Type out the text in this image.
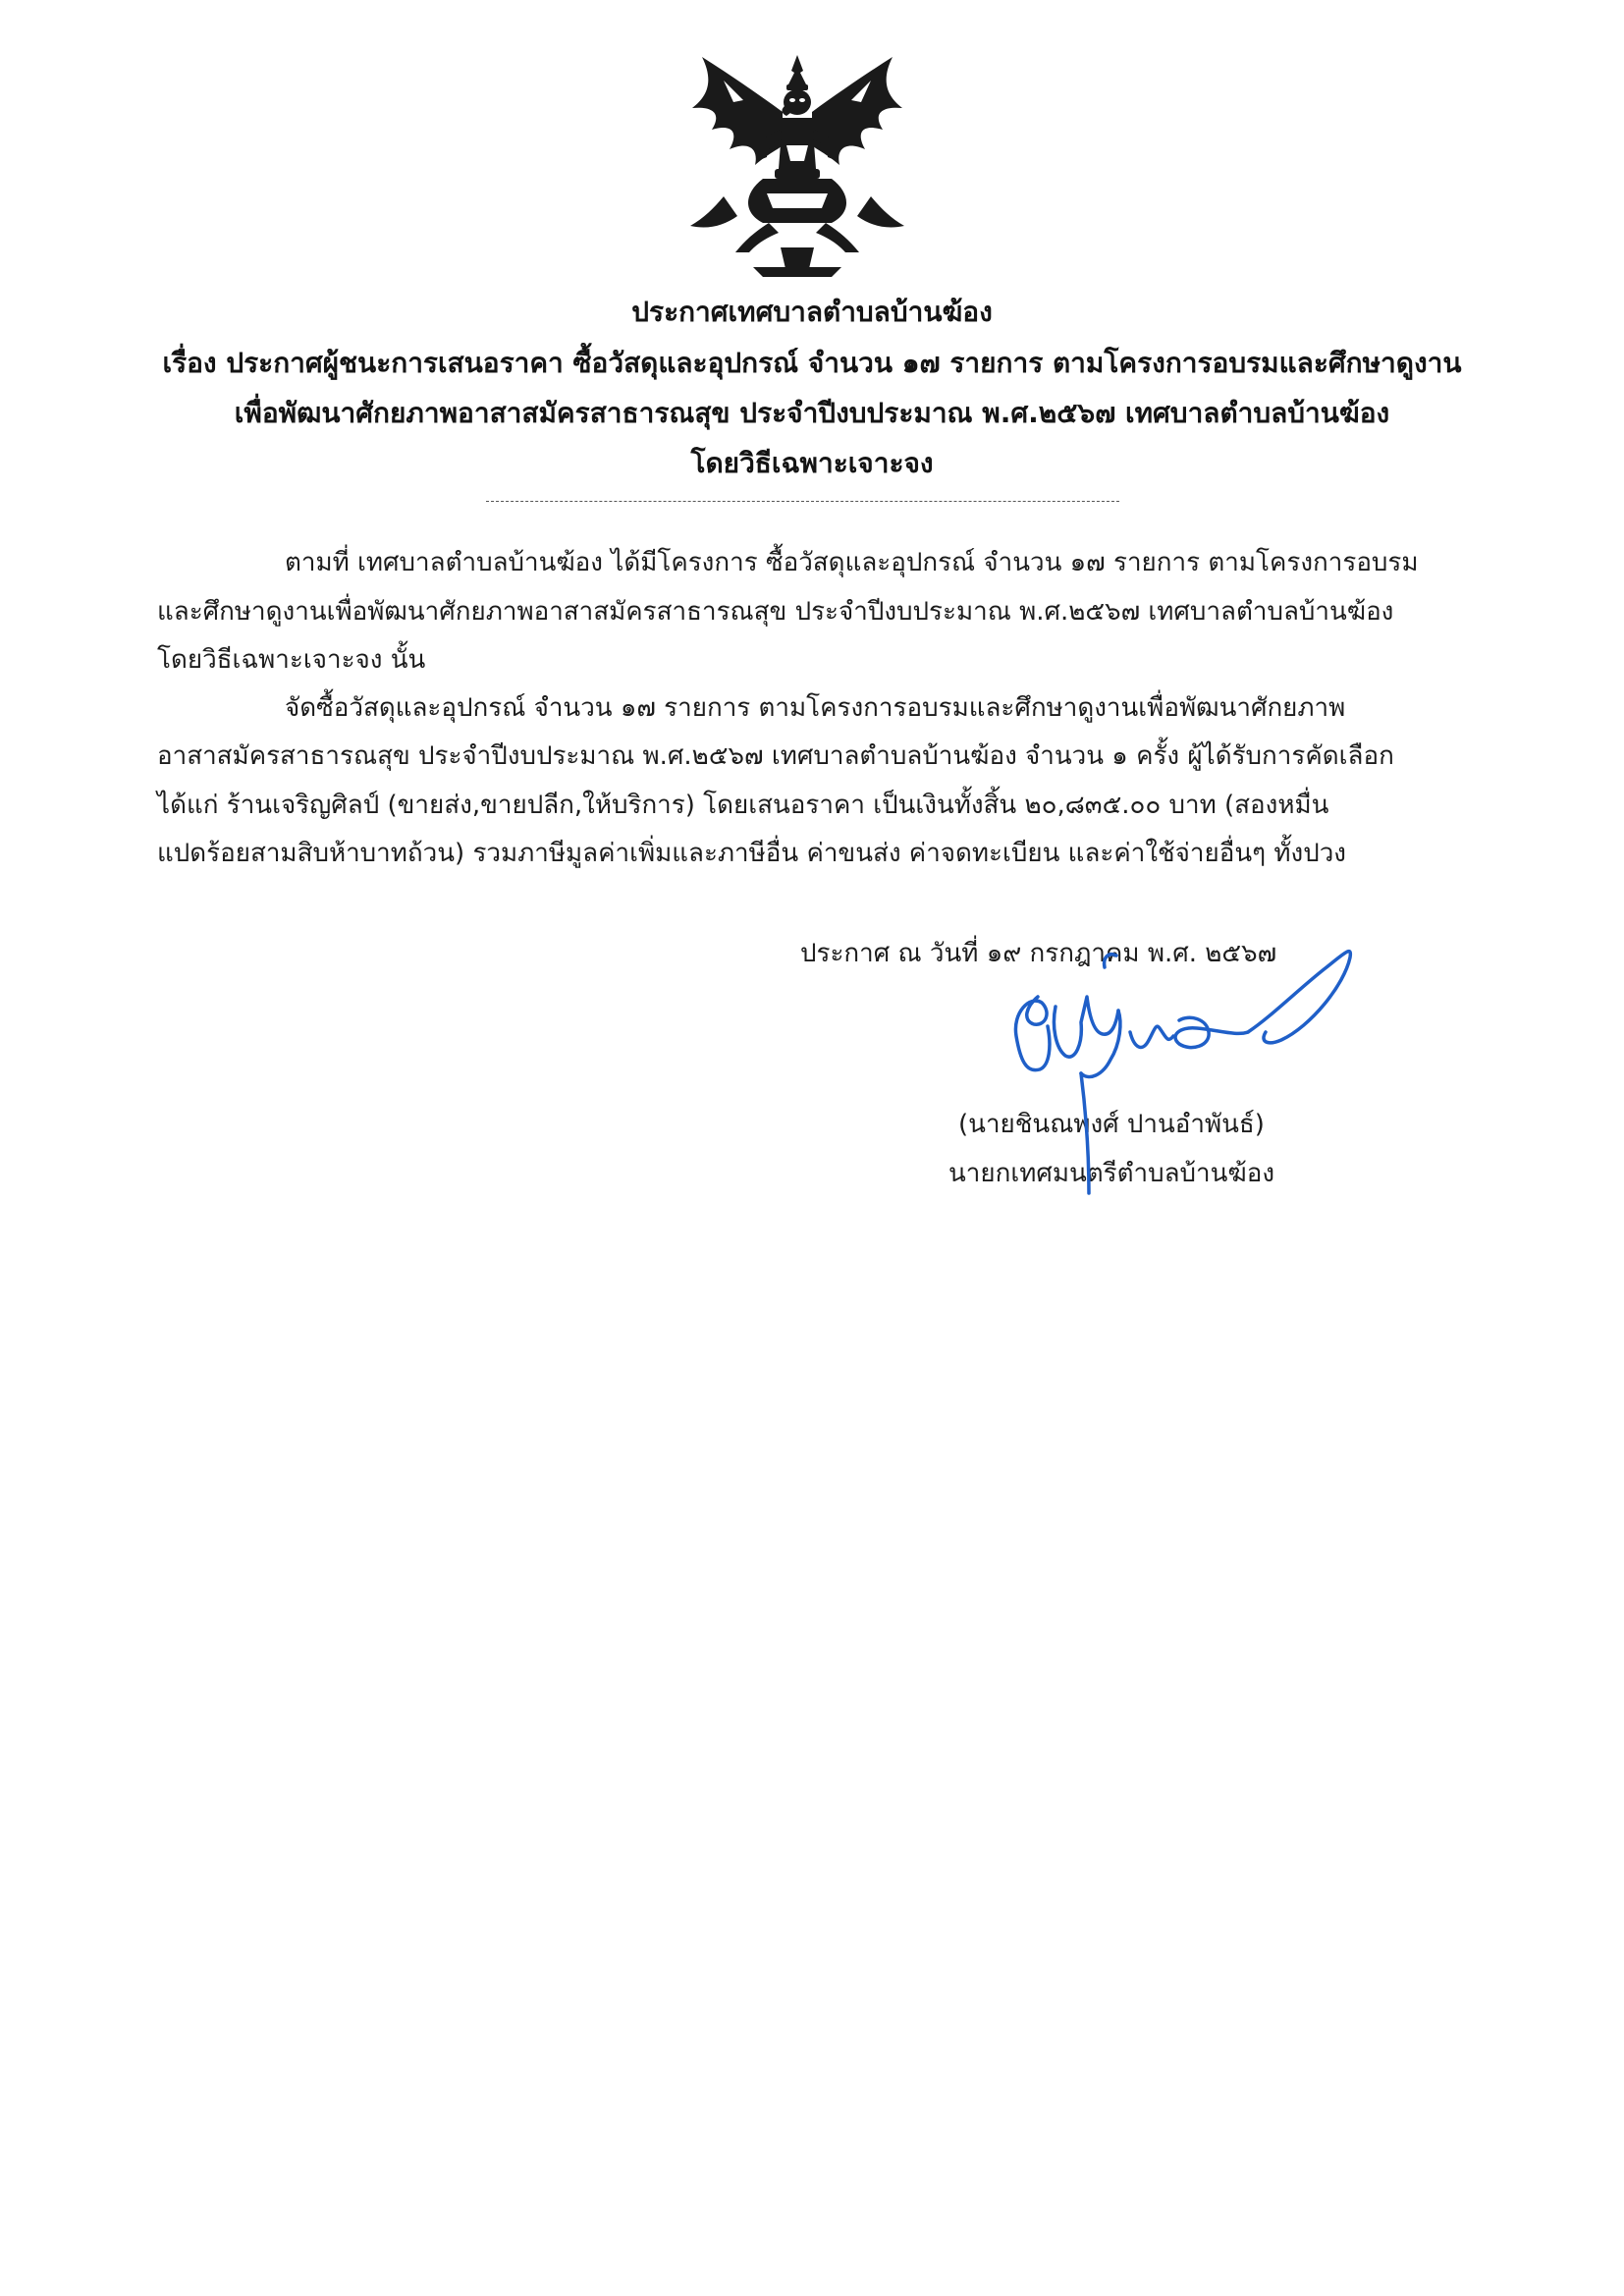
ประกาศเทศบาลตำบลบ้านฆ้อง
เรื่อง ประกาศผู้ชนะการเสนอราคา ซื้อวัสดุและอุปกรณ์ จำนวน ๑๗ รายการ ตามโครงการอบรมและศึกษาดูงาน
เพื่อพัฒนาศักยภาพอาสาสมัครสาธารณสุข ประจำปีงบประมาณ พ.ศ.๒๕๖๗ เทศบาลตำบลบ้านฆ้อง
โดยวิธีเฉพาะเจาะจง
ตามที่ เทศบาลตำบลบ้านฆ้อง ได้มีโครงการ ซื้อวัสดุและอุปกรณ์ จำนวน ๑๗ รายการ ตามโครงการอบรม
และศึกษาดูงานเพื่อพัฒนาศักยภาพอาสาสมัครสาธารณสุข ประจำปีงบประมาณ พ.ศ.๒๕๖๗ เทศบาลตำบลบ้านฆ้อง
โดยวิธีเฉพาะเจาะจง นั้น
จัดซื้อวัสดุและอุปกรณ์ จำนวน ๑๗ รายการ ตามโครงการอบรมและศึกษาดูงานเพื่อพัฒนาศักยภาพ
อาสาสมัครสาธารณสุข ประจำปีงบประมาณ พ.ศ.๒๕๖๗ เทศบาลตำบลบ้านฆ้อง จำนวน ๑ ครั้ง ผู้ได้รับการคัดเลือก
ได้แก่ ร้านเจริญศิลป์ (ขายส่ง,ขายปลีก,ให้บริการ) โดยเสนอราคา เป็นเงินทั้งสิ้น ๒๐,๘๓๕.๐๐ บาท (สองหมื่น
แปดร้อยสามสิบห้าบาทถ้วน) รวมภาษีมูลค่าเพิ่มและภาษีอื่น ค่าขนส่ง ค่าจดทะเบียน และค่าใช้จ่ายอื่นๆ ทั้งปวง
ประกาศ ณ วันที่ ๑๙ กรกฎาคม พ.ศ. ๒๕๖๗
(นายชินณพงศ์ ปานอำพันธ์)
นายกเทศมนตรีตำบลบ้านฆ้อง
